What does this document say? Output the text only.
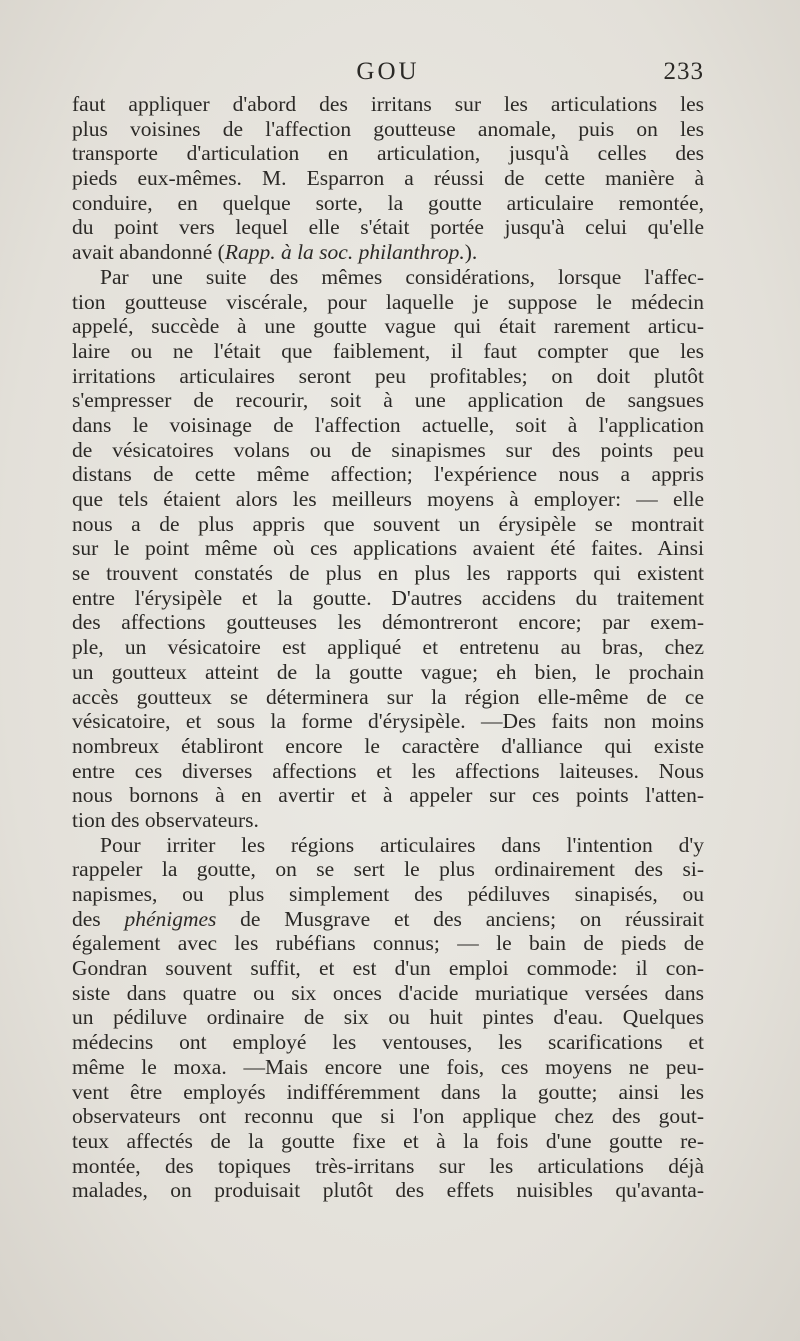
GOU	233
faut appliquer d'abord des irritans sur les articulations les
plus voisines de l'affection goutteuse anomale, puis on les
transporte d'articulation en articulation, jusqu'à celles des
pieds eux-mêmes. M. Esparron a réussi de cette manière à
conduire, en quelque sorte, la goutte articulaire remontée,
du point vers lequel elle s'était portée jusqu'à celui qu'elle
avait abandonné (Rapp. à la soc. philanthrop.).
Par une suite des mêmes considérations, lorsque l'affec-
tion goutteuse viscérale, pour laquelle je suppose le médecin
appelé, succède à une goutte vague qui était rarement articu-
laire ou ne l'était que faiblement, il faut compter que les
irritations articulaires seront peu profitables; on doit plutôt
s'empresser de recourir, soit à une application de sangsues
dans le voisinage de l'affection actuelle, soit à l'application
de vésicatoires volans ou de sinapismes sur des points peu
distans de cette même affection; l'expérience nous a appris
que tels étaient alors les meilleurs moyens à employer: — elle
nous a de plus appris que souvent un érysipèle se montrait
sur le point même où ces applications avaient été faites. Ainsi
se trouvent constatés de plus en plus les rapports qui existent
entre l'érysipèle et la goutte. D'autres accidens du traitement
des affections goutteuses les démontreront encore; par exem-
ple, un vésicatoire est appliqué et entretenu au bras, chez
un goutteux atteint de la goutte vague; eh bien, le prochain
accès goutteux se déterminera sur la région elle-même de ce
vésicatoire, et sous la forme d'érysipèle. —Des faits non moins
nombreux établiront encore le caractère d'alliance qui existe
entre ces diverses affections et les affections laiteuses. Nous
nous bornons à en avertir et à appeler sur ces points l'atten-
tion des observateurs.
Pour irriter les régions articulaires dans l'intention d'y
rappeler la goutte, on se sert le plus ordinairement des si-
napismes, ou plus simplement des pédiluves sinapisés, ou
des phénigmes de Musgrave et des anciens; on réussirait
également avec les rubéfians connus; — le bain de pieds de
Gondran souvent suffit, et est d'un emploi commode: il con-
siste dans quatre ou six onces d'acide muriatique versées dans
un pédiluve ordinaire de six ou huit pintes d'eau. Quelques
médecins ont employé les ventouses, les scarifications et
même le moxa. —Mais encore une fois, ces moyens ne peu-
vent être employés indifféremment dans la goutte; ainsi les
observateurs ont reconnu que si l'on applique chez des gout-
teux affectés de la goutte fixe et à la fois d'une goutte re-
montée, des topiques très-irritans sur les articulations déjà
malades, on produisait plutôt des effets nuisibles qu'avanta-
